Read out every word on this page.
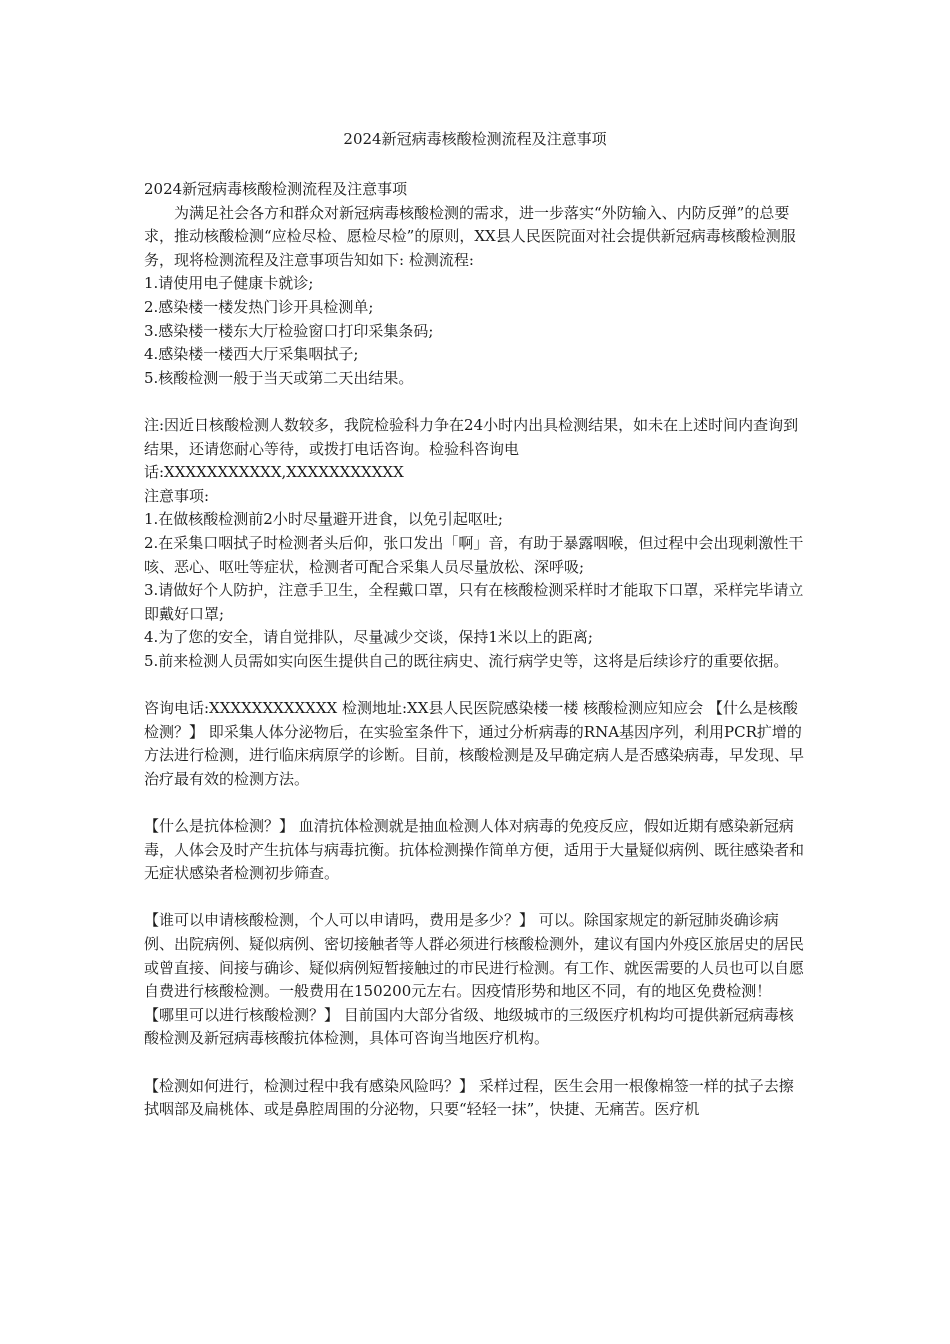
2024新冠病毒核酸检测流程及注意事项

2024新冠病毒核酸检测流程及注意事项

为满足社会各方和群众对新冠病毒核酸检测的需求，进一步落实“外防输入、内防反弹”的总要求，推动核酸检测“应检尽检、愿检尽检”的原则，XX县人民医院面对社会提供新冠病毒核酸检测服务，现将检测流程及注意事项告知如下: 检测流程:

1.请使用电子健康卡就诊;

2.感染楼一楼发热门诊开具检测单;

3.感染楼一楼东大厅检验窗口打印采集条码;

4.感染楼一楼西大厅采集咽拭子;

5.核酸检测一般于当天或第二天出结果。

注:因近日核酸检测人数较多，我院检验科力争在24小时内出具检测结果，如未在上述时间内查询到结果，还请您耐心等待，或拨打电话咨询。检验科咨询电

话:XXXXXXXXXXX,XXXXXXXXXXX

注意事项:

1.在做核酸检测前2小时尽量避开进食，以免引起呕吐;

2.在采集口咽拭子时检测者头后仰，张口发出「啊」音，有助于暴露咽喉，但过程中会出现刺激性干咳、恶心、呕吐等症状，检测者可配合采集人员尽量放松、深呼吸;

3.请做好个人防护，注意手卫生，全程戴口罩，只有在核酸检测采样时才能取下口罩，采样完毕请立即戴好口罩;

4.为了您的安全，请自觉排队，尽量减少交谈，保持1米以上的距离;

5.前来检测人员需如实向医生提供自己的既往病史、流行病学史等，这将是后续诊疗的重要依据。

咨询电话:XXXXXXXXXXXX 检测地址:XX县人民医院感染楼一楼 核酸检测应知应会 【什么是核酸检测？】 即采集人体分泌物后，在实验室条件下，通过分析病毒的RNA基因序列，利用PCR扩增的方法进行检测，进行临床病原学的诊断。目前，核酸检测是及早确定病人是否感染病毒，早发现、早治疗最有效的检测方法。

【什么是抗体检测？】 血清抗体检测就是抽血检测人体对病毒的免疫反应，假如近期有感染新冠病毒，人体会及时产生抗体与病毒抗衡。抗体检测操作简单方便，适用于大量疑似病例、既往感染者和无症状感染者检测初步筛查。

【谁可以申请核酸检测，个人可以申请吗，费用是多少？】 可以。除国家规定的新冠肺炎确诊病例、出院病例、疑似病例、密切接触者等人群必须进行核酸检测外，建议有国内外疫区旅居史的居民或曾直接、间接与确诊、疑似病例短暂接触过的市民进行检测。有工作、就医需要的人员也可以自愿自费进行核酸检测。一般费用在150200元左右。因疫情形势和地区不同，有的地区免费检测！ 【哪里可以进行核酸检测？】 目前国内大部分省级、地级城市的三级医疗机构均可提供新冠病毒核酸检测及新冠病毒核酸抗体检测，具体可咨询当地医疗机构。

【检测如何进行，检测过程中我有感染风险吗？】 采样过程，医生会用一根像棉签一样的拭子去擦拭咽部及扁桃体、或是鼻腔周围的分泌物，只要“轻轻一抹”，快捷、无痛苦。医疗机
